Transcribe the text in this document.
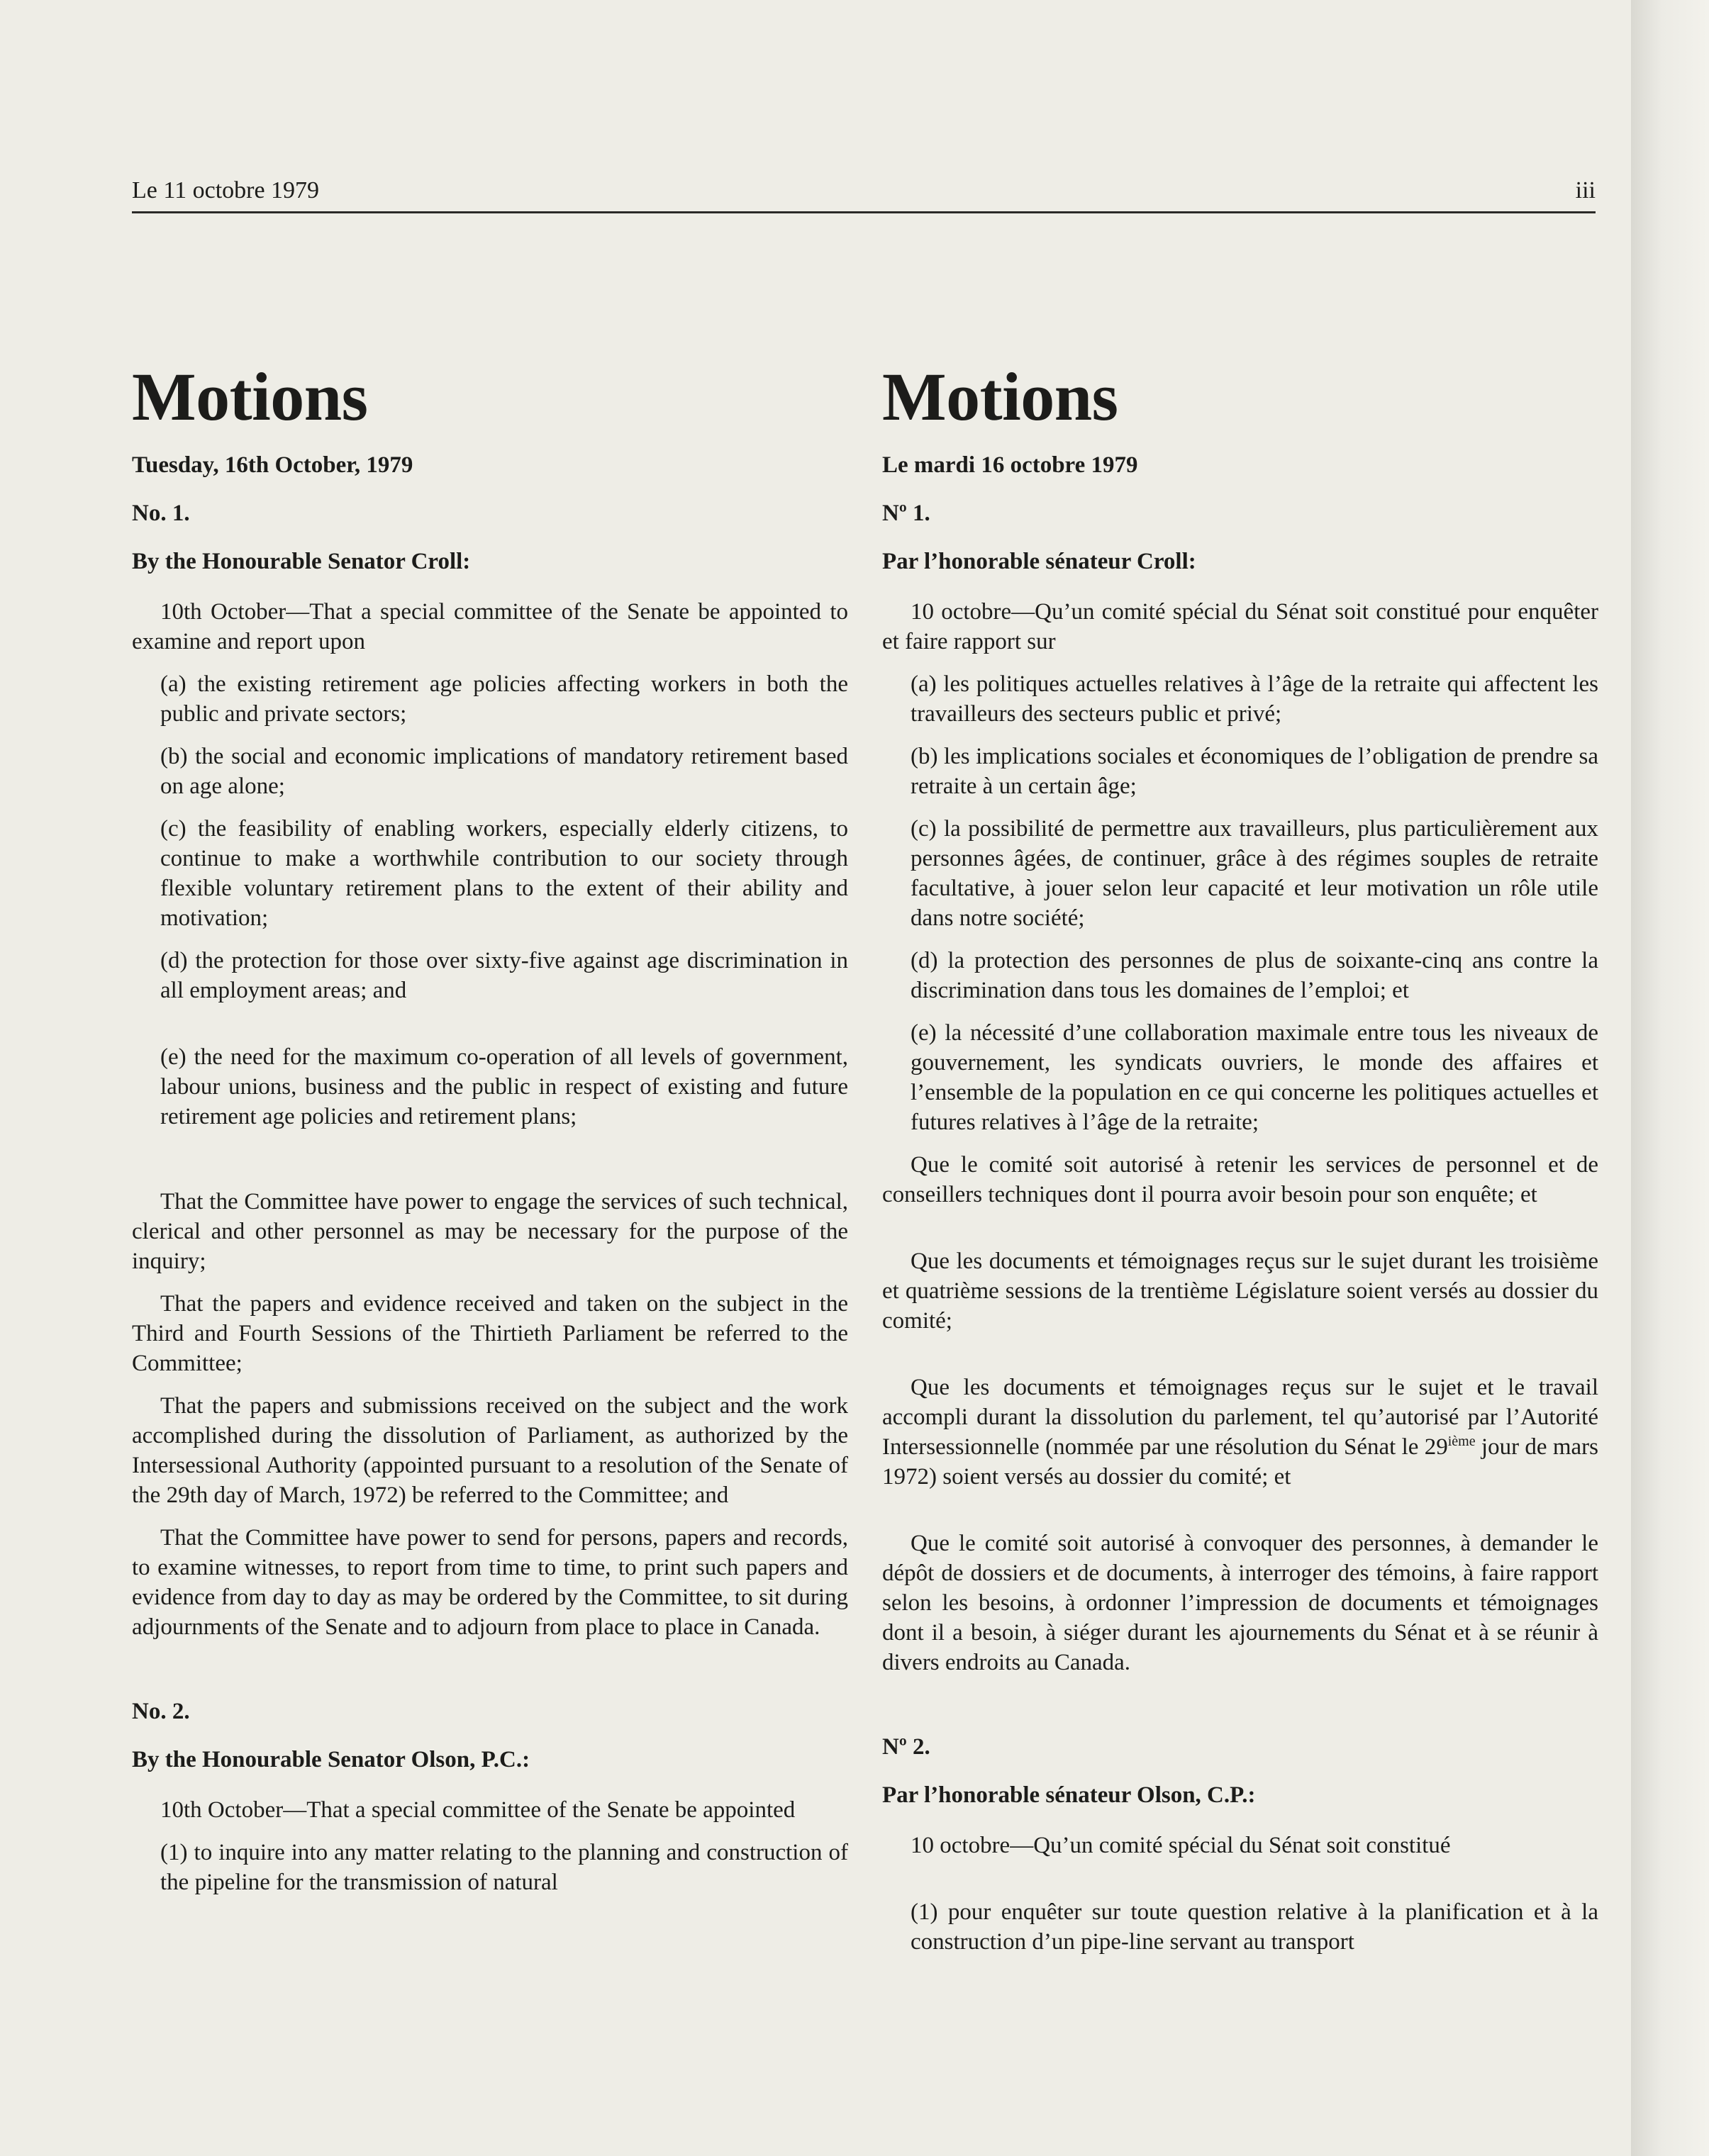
Le 11 octobre 1979	iii
Motions
Tuesday, 16th October, 1979
No. 1.
By the Honourable Senator Croll:

10th October—That a special committee of the Senate be appointed to examine and report upon

(a) the existing retirement age policies affecting workers in both the public and private sectors;

(b) the social and economic implications of mandatory retirement based on age alone;

(c) the feasibility of enabling workers, especially elderly citizens, to continue to make a worthwhile contribution to our society through flexible voluntary retirement plans to the extent of their ability and motivation;

(d) the protection for those over sixty-five against age discrimination in all employment areas; and

(e) the need for the maximum co-operation of all levels of government, labour unions, business and the public in respect of existing and future retirement age policies and retirement plans;

That the Committee have power to engage the services of such technical, clerical and other personnel as may be necessary for the purpose of the inquiry;

That the papers and evidence received and taken on the subject in the Third and Fourth Sessions of the Thirtieth Parliament be referred to the Committee;

That the papers and submissions received on the subject and the work accomplished during the dissolution of Parliament, as authorized by the Intersessional Authority (appointed pursuant to a resolution of the Senate of the 29th day of March, 1972) be referred to the Committee; and

That the Committee have power to send for persons, papers and records, to examine witnesses, to report from time to time, to print such papers and evidence from day to day as may be ordered by the Committee, to sit during adjournments of the Senate and to adjourn from place to place in Canada.

No. 2.
By the Honourable Senator Olson, P.C.:

10th October—That a special committee of the Senate be appointed

(1) to inquire into any matter relating to the planning and construction of the pipeline for the transmission of natural

Motions
Le mardi 16 octobre 1979
Nº 1.
Par l’honorable sénateur Croll:

10 octobre—Qu’un comité spécial du Sénat soit constitué pour enquêter et faire rapport sur

(a) les politiques actuelles relatives à l’âge de la retraite qui affectent les travailleurs des secteurs public et privé;

(b) les implications sociales et économiques de l’obligation de prendre sa retraite à un certain âge;

(c) la possibilité de permettre aux travailleurs, plus particulièrement aux personnes âgées, de continuer, grâce à des régimes souples de retraite facultative, à jouer selon leur capacité et leur motivation un rôle utile dans notre société;

(d) la protection des personnes de plus de soixante-cinq ans contre la discrimination dans tous les domaines de l’emploi; et

(e) la nécessité d’une collaboration maximale entre tous les niveaux de gouvernement, les syndicats ouvriers, le monde des affaires et l’ensemble de la population en ce qui concerne les politiques actuelles et futures relatives à l’âge de la retraite;

Que le comité soit autorisé à retenir les services de personnel et de conseillers techniques dont il pourra avoir besoin pour son enquête; et

Que les documents et témoignages reçus sur le sujet durant les troisième et quatrième sessions de la trentième Législature soient versés au dossier du comité;

Que les documents et témoignages reçus sur le sujet et le travail accompli durant la dissolution du parlement, tel qu’autorisé par l’Autorité Intersessionnelle (nommée par une résolution du Sénat le 29ième jour de mars 1972) soient versés au dossier du comité; et

Que le comité soit autorisé à convoquer des personnes, à demander le dépôt de dossiers et de documents, à interroger des témoins, à faire rapport selon les besoins, à ordonner l’impression de documents et témoignages dont il a besoin, à siéger durant les ajournements du Sénat et à se réunir à divers endroits au Canada.

Nº 2.
Par l’honorable sénateur Olson, C.P.:

10 octobre—Qu’un comité spécial du Sénat soit constitué

(1) pour enquêter sur toute question relative à la planification et à la construction d’un pipe-line servant au transport
